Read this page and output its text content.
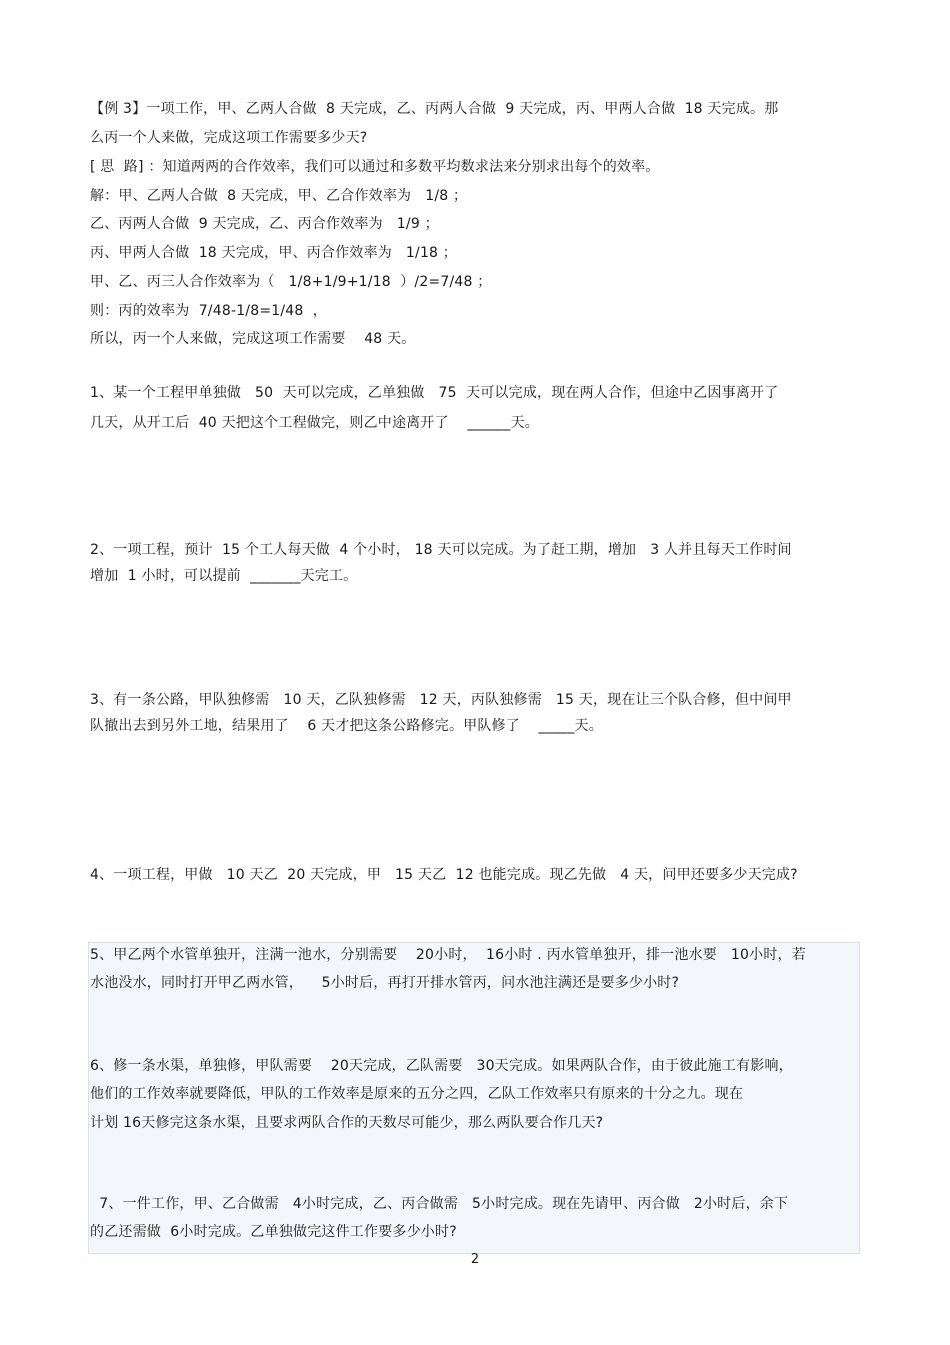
【例 3】一项工作，甲、乙两人合做  8 天完成，乙、丙两人合做  9 天完成，丙、甲两人合做  18 天完成。那
么丙一个人来做，完成这项工作需要多少天?
[ 思  路] ：知道两两的合作效率，我们可以通过和多数平均数求法来分别求出每个的效率。
解：甲、乙两人合做  8 天完成，甲、乙合作效率为   1/8 ；
乙、丙两人合做  9 天完成，乙、丙合作效率为   1/9 ；
丙、甲两人合做  18 天完成，甲、丙合作效率为   1/18 ；
甲、乙、丙三人合作效率为（   1/8+1/9+1/18  ）/2=7/48 ；
则：丙的效率为  7/48-1/8=1/48  ，
所以，丙一个人来做，完成这项工作需要    48 天。
1、某一个工程甲单独做   50  天可以完成，乙单独做   75  天可以完成，现在两人合作，但途中乙因事离开了
几天，从开工后  40 天把这个工程做完，则乙中途离开了    ______天。
2、一项工程，预计  15 个工人每天做  4 个小时， 18 天可以完成。为了赶工期，增加   3 人并且每天工作时间
增加  1 小时，可以提前  _______天完工。
3、有一条公路，甲队独修需   10 天，乙队独修需   12 天，丙队独修需   15 天，现在让三个队合修，但中间甲
队撤出去到另外工地，结果用了    6 天才把这条公路修完。甲队修了    _____天。
4、一项工程，甲做   10 天乙  20 天完成，甲   15 天乙  12 也能完成。现乙先做   4 天，问甲还要多少天完成?
5、甲乙两个水管单独开，注满一池水，分别需要    20小时，  16小时 . 丙水管单独开，排一池水要   10小时，若
水池没水，同时打开甲乙两水管，    5小时后，再打开排水管丙，问水池注满还是要多少小时?
6、修一条水渠，单独修，甲队需要    20天完成，乙队需要   30天完成。如果两队合作，由于彼此施工有影响，
他们的工作效率就要降低，甲队的工作效率是原来的五分之四，乙队工作效率只有原来的十分之九。现在
计划 16天修完这条水渠，且要求两队合作的天数尽可能少，那么两队要合作几天?
7、一件工作，甲、乙合做需   4小时完成，乙、丙合做需   5小时完成。现在先请甲、丙合做   2小时后，余下
的乙还需做  6小时完成。乙单独做完这件工作要多少小时?
2
